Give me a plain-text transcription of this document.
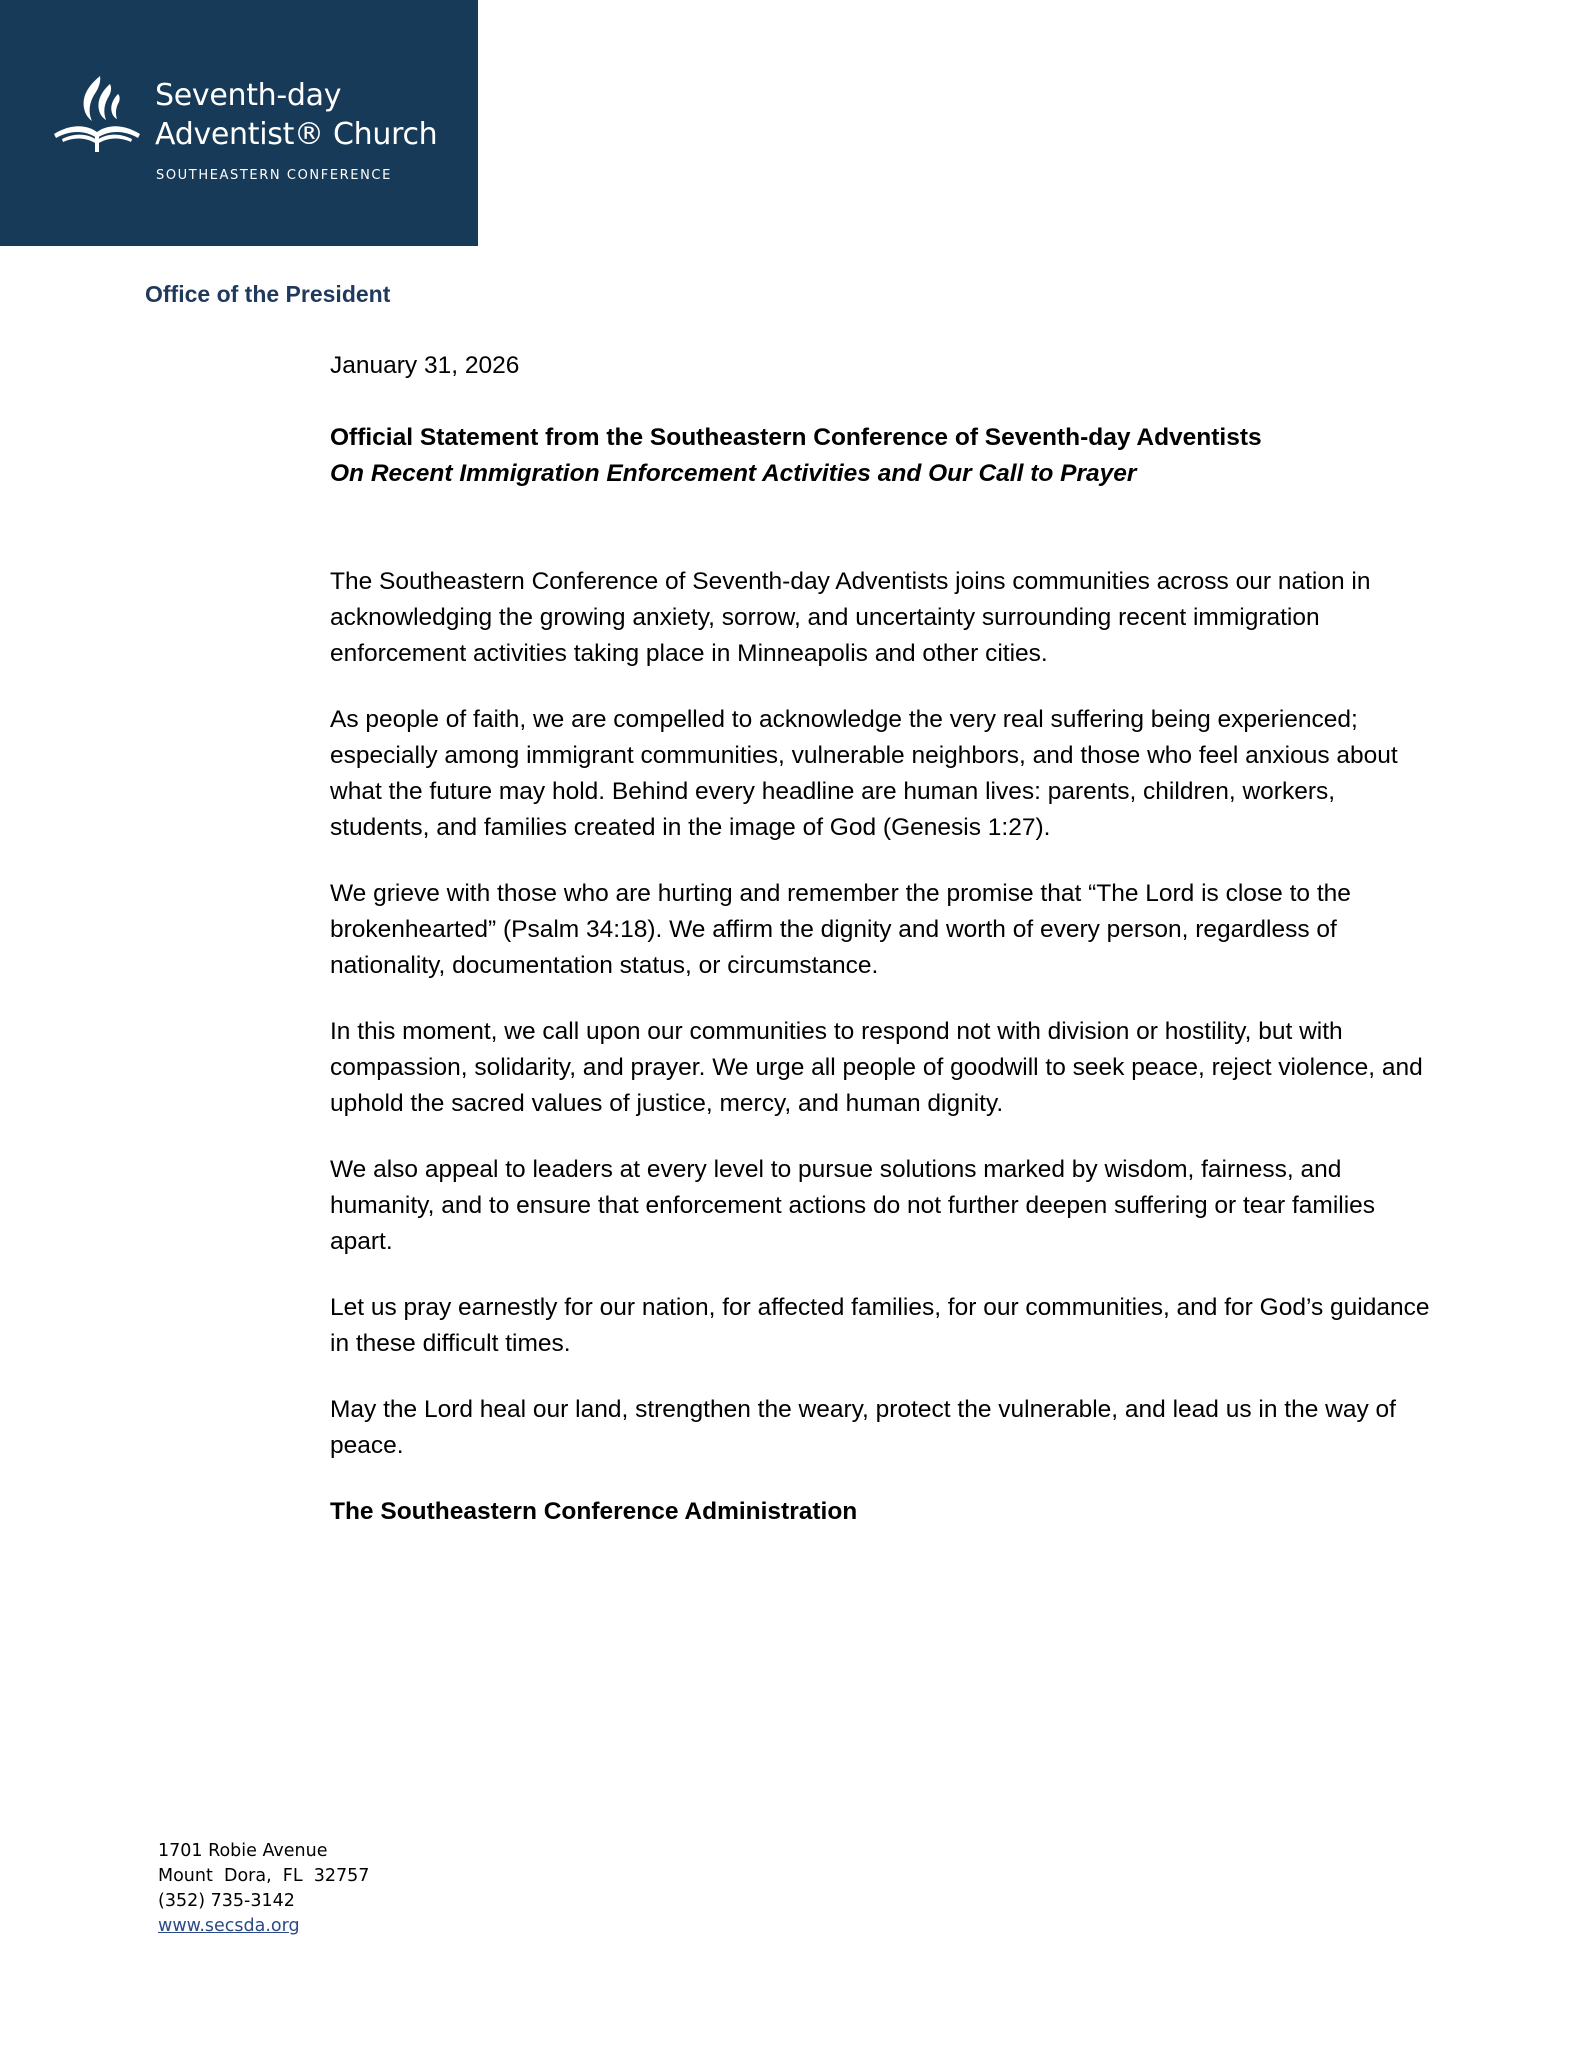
Seventh-day
Adventist® Church
SOUTHEASTERN CONFERENCE
Office of the President

January 31, 2026

Official Statement from the Southeastern Conference of Seventh-day Adventists

On Recent Immigration Enforcement Activities and Our Call to Prayer

The Southeastern Conference of Seventh-day Adventists joins communities across our nation in acknowledging the growing anxiety, sorrow, and uncertainty surrounding recent immigration enforcement activities taking place in Minneapolis and other cities.

As people of faith, we are compelled to acknowledge the very real suffering being experienced; especially among immigrant communities, vulnerable neighbors, and those who feel anxious about what the future may hold. Behind every headline are human lives: parents, children, workers, students, and families created in the image of God (Genesis 1:27).

We grieve with those who are hurting and remember the promise that “The Lord is close to the brokenhearted” (Psalm 34:18). We affirm the dignity and worth of every person, regardless of nationality, documentation status, or circumstance.

In this moment, we call upon our communities to respond not with division or hostility, but with compassion, solidarity, and prayer. We urge all people of goodwill to seek peace, reject violence, and uphold the sacred values of justice, mercy, and human dignity.

We also appeal to leaders at every level to pursue solutions marked by wisdom, fairness, and humanity, and to ensure that enforcement actions do not further deepen suffering or tear families apart.

Let us pray earnestly for our nation, for affected families, for our communities, and for God’s guidance in these difficult times.

May the Lord heal our land, strengthen the weary, protect the vulnerable, and lead us in the way of peace.

The Southeastern Conference Administration

1701 Robie Avenue
Mount  Dora,  FL  32757
(352) 735-3142
www.secsda.org
